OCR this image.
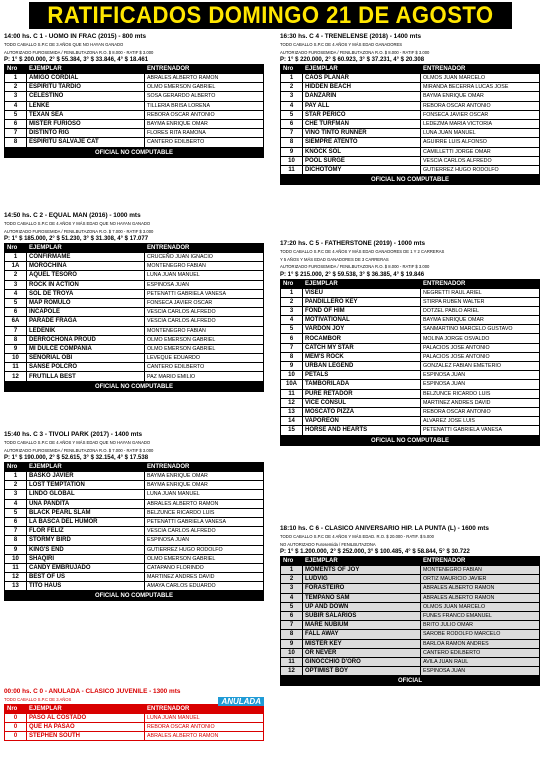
RATIFICADOS DOMINGO 21 DE AGOSTO
14:00 hs. C 1 - UOMO IN FRAC (2015) - 800 mts
TODO CABALLO S.P.C DE 3 AÑOS QUE NO HAYAN GANADO
AUTORIZADO FUROSEMIDA / FENILBUTAZONA R.O. $ 8.000 - RATIF $ 3.000
P: 1° $ 200.000, 2° $ 55.384, 3° $ 33.846, 4° $ 18.461
Nro	EJEMPLAR	ENTRENADOR
1	AMIGO CORDIAL	ABRALES ALBERTO RAMON
2	ESPIRITU TARDIO	OLMO EMERSON GABRIEL
3	CELESTINO	SOSA GERARDO ALBERTO
4	LENKE	TILLERIA BRISA LORENA
5	TEXAN SEA	REBORA OSCAR ANTONIO
6	MISTER FURIOSO	BAYMA ENRIQUE OMAR
7	DISTINTO RIG	FLORES RITA RAMONA
8	ESPIRITU SALVAJE CAT	CANTERO EDILBERTO
OFICIAL NO COMPUTABLE
14:50 hs. C 2 - EQUAL MAN (2016) - 1000 mts
TODO CABALLO S.P.C DE 4 AÑOS Y MÁS EDAD QUE NO HAYAN GANADO
AUTORIZADO FUROSEMIDA / FENILBUTAZONA R.O. $ 7.000 - RATIF $ 3.000
P: 1° $ 185.000, 2° $ 51.230, 3° $ 31.308, 4° $ 17.077
Nro	EJEMPLAR	ENTRENADOR
1	CONFIRMAME	CRUCEÑO JUAN IGNACIO
1A	MOROCHINA	MONTENEGRO FABIAN
2	AQUEL TESORO	LUNA JUAN MANUEL
3	ROCK IN ACTION	ESPINOSA JUAN
4	SOL DE TROYA	PETENATTI GABRIELA VANESA
5	MAP ROMULO	FONSECA JAVIER OSCAR
6	INCAPOLE	VESCIA CARLOS ALFREDO
6A	PARADE FRAGA	VESCIA CARLOS ALFREDO
7	LEDENIK	MONTENEGRO FABIAN
8	DERROCHONA PROUD	OLMO EMERSON GABRIEL
9	MI DULCE COMPAÑIA	OLMO EMERSON GABRIEL
10	SEÑORIAL OBI	LEVEQUE EDUARDO
11	SANSE POLCRO	CANTERO EDILBERTO
12	FRUTILLA BEST	PAZ MARIO EMILIO
OFICIAL NO COMPUTABLE
15:40 hs. C 3 - TIVOLI PARK (2017) - 1400 mts
TODO CABALLO S.P.C DE 4 AÑOS Y MÁS EDAD QUE NO HAYAN GANADO
AUTORIZADO FUROSEMIDA / FENILBUTAZONA R.O. $ 7.000 - RATIF $ 3.000
P: 1° $ 190.000, 2° $ 52.615, 3° $ 32.154, 4° $ 17.538
Nro	EJEMPLAR	ENTRENADOR
1	BASKO JAVIER	BAYMA ENRIQUE OMAR
2	LOST TEMPTATION	BAYMA ENRIQUE OMAR
3	LINDO GLOBAL	LUNA JUAN MANUEL
4	UNA PANDITA	ABRALES ALBERTO RAMON
5	BLACK PEARL SLAM	BELZUNCE RICARDO LUIS
6	LA BASCA DEL HUMOR	PETENATTI GABRIELA VANESA
7	FLOR FELIZ	VESCIA CARLOS ALFREDO
8	STORMY BIRD	ESPINOSA JUAN
9	KING'S END	GUTIERREZ HUGO RODOLFO
10	SHAQIRI	OLMO EMERSON GABRIEL
11	CANDY EMBRUJADO	CATAPANO FLORINDO
12	BEST OF US	MARTINEZ ANDRES DAVID
13	TITO HAUS	AMAYA CARLOS EDUARDO
OFICIAL NO COMPUTABLE
16:30 hs. C 4 - TRENELENSE (2018) - 1400 mts
TODO CABALLO S.P.C DE 4 AÑOS Y MÁS EDAD GANADORES
AUTORIZADO FUROSEMIDA / FENILBUTAZONA R.O. $ 8.000 - RATIF $ 3.000
P: 1° $ 220.000, 2° $ 60.923, 3° $ 37.231, 4° $ 20.308
Nro	EJEMPLAR	ENTRENADOR
1	CAOS PLANAR	OLMOS JUAN MARCELO
2	HIDDEN BEACH	MIRANDA BECERRA LUCAS JOSE
3	DANZARIN	BAYMA ENRIQUE OMAR
4	PAY ALL	REBORA OSCAR ANTONIO
5	STAR PERICO	FONSECA JAVIER OSCAR
6	CHE TURFMAN	LEDEZMA MARIA VICTORIA
7	VINO TINTO RUNNER	LUNA JUAN MANUEL
8	SIEMPRE ATENTO	AGUIRRE LUIS ALFONSO
9	KNOCK SOL	CAMILLETTI JORGE OMAR
10	POOL SURGE	VESCIA CARLOS ALFREDO
11	DICHOTOMY	GUTIERREZ HUGO RODOLFO
OFICIAL NO COMPUTABLE
17:20 hs. C 5 - FATHERSTONE (2019) - 1000 mts
TODO CABALLO S.P.C DE 4 AÑOS Y MÁS EDAD GANADORES DE 1 Y 2 CARRERAS
Y 5 AÑOS Y MÁS EDAD GANADORES DE 3 CARRERAS
AUTORIZADO FUROSEMIDA / FENILBUTAZONA R.O. $ 8.000 - RATIF $ 3.000
P: 1° $ 215.000, 2° $ 59.538, 3° $ 36.385, 4° $ 19.846
Nro	EJEMPLAR	ENTRENADOR
1	VISEU	NEGRETTI RAUL ARIEL
2	PANDILLERO KEY	STIRPA RUBEN WALTER
3	FOND OF HIM	DOTZEL PABLO ARIEL
4	MOTIVATIONAL	BAYMA ENRIQUE OMAR
5	VARDON JOY	SANMARTINO MARCELO GUSTAVO
6	ROCAMBOR	MOLINA JORGE OSVALDO
7	CATCH MY STAR	PALACIOS JOSE ANTONIO
8	MEM'S ROCK	PALACIOS JOSE ANTONIO
9	URBAN LEGEND	GONZALEZ FABIAN EMETERIO
10	PETALS	ESPINOSA JUAN
10A	TAMBORILADA	ESPINOSA JUAN
11	PURE RETADOR	BELZUNCE RICARDO LUIS
12	VICE CONSUL	MARTINEZ ANDRES DAVID
13	MOSCATO PIZZA	REBORA OSCAR ANTONIO
14	VAPOREON	ALVAREZ JOSE LUIS
15	HORSE AND HEARTS	PETENATTI GABRIELA VANESA
OFICIAL NO COMPUTABLE
18:10 hs. C 6 - CLASICO ANIVERSARIO HIP. LA PUNTA (L) - 1600 mts
TODO CABALLO S.P.C DE 4 AÑOS Y MÁS EDAD. R.O. $ 20.000 - RATIF. $ 5.000
NO AUTORIZADO Furosemida / FENILBUTAZONA
P: 1° $ 1.200.000, 2° $ 252.000, 3° $ 100.485, 4° $ 58.844, 5° $ 30.722
Nro	EJEMPLAR	ENTRENADOR
1	MOMENTS OF JOY	MONTENEGRO FABIAN
2	LUDVIG	ORTIZ MAURICIO JAVIER
3	FORASTEIRO	ABRALES ALBERTO RAMON
4	TEMPANO SAM	ABRALES ALBERTO RAMON
5	UP AND DOWN	OLMOS JUAN MARCELO
6	SUBIR SALARIOS	FUNES FRANCO EMANUEL
7	MARE NUBIUM	BRITO JULIO OMAR
8	FALL AWAY	SAROBE RODOLFO MARCELO
9	MISTER KEY	BARLOA RAMON ANDRES
10	OR NEVER	CANTERO EDILBERTO
11	GINOCCHIO D'ORO	AVILA JUAN RAUL
12	OPTIMIST BOY	ESPINOSA JUAN
OFICIAL
00:00 hs. C 0 - ANULADA - CLASICO JUVENILE - 1300 mts
ANULADA
TODO CABALLO S.P.C DE 3 AÑOS
Nro	EJEMPLAR	ENTRENADOR
0	PASO AL COSTADO	LUNA JUAN MANUEL
0	QUE HA PASAO	REBORA OSCAR ANTONIO
0	STEPHEN SOUTH	ABRALES ALBERTO RAMON
